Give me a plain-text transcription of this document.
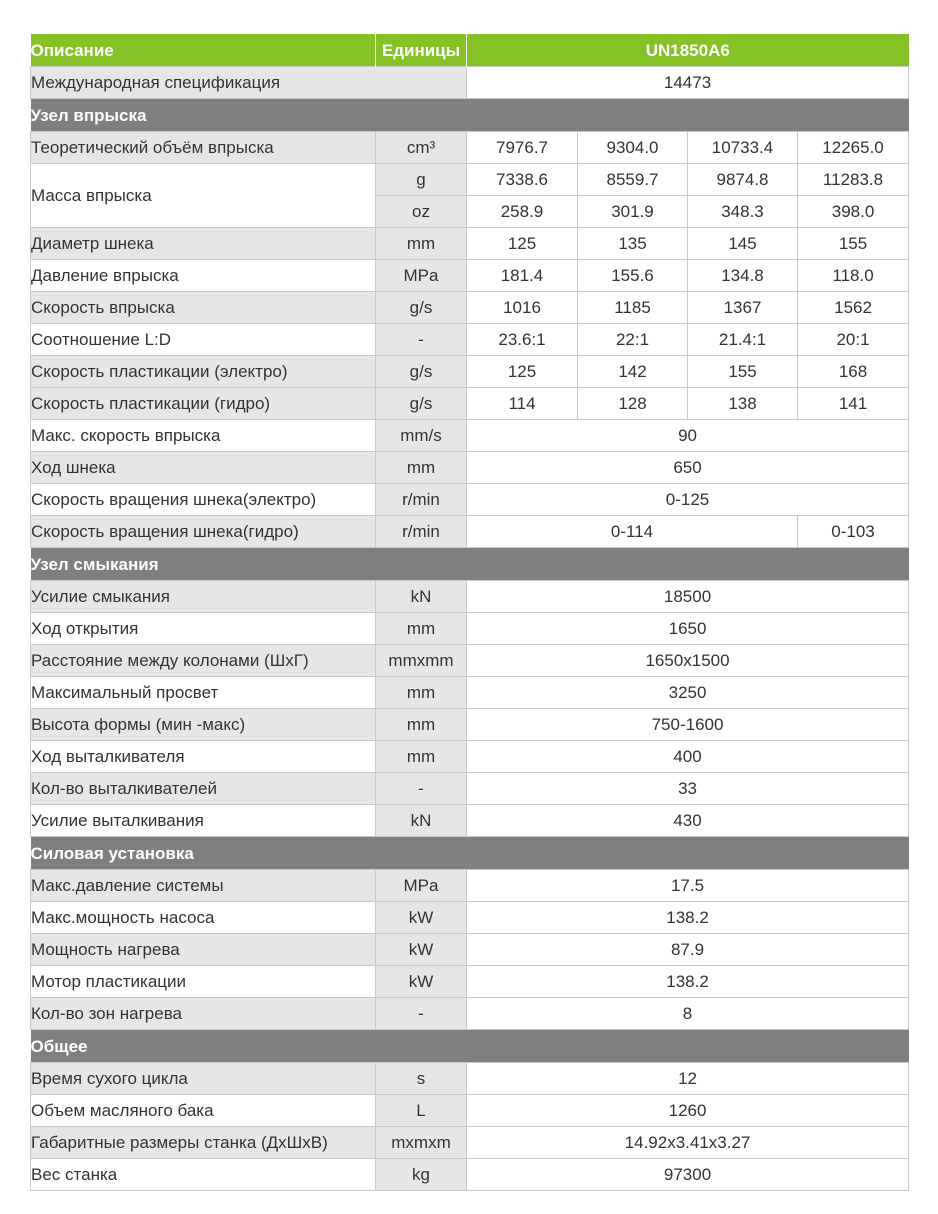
Описание	Единицы	UN1850A6			
Международная спецификация		14473			
Узел впрыска					
Теоретический объём впрыска	cm³	7976.7	9304.0	10733.4	12265.0
Масса впрыска	g	7338.6	8559.7	9874.8	11283.8
	oz	258.9	301.9	348.3	398.0
Диаметр шнека	mm	125	135	145	155
Давление впрыска	MPa	181.4	155.6	134.8	118.0
Скорость впрыска	g/s	1016	1185	1367	1562
Соотношение L:D	-	23.6:1	22:1	21.4:1	20:1
Скорость пластикации (электро)	g/s	125	142	155	168
Скорость пластикации (гидро)	g/s	114	128	138	141
Макс. скорость впрыска	mm/s	90			
Ход шнека	mm	650			
Скорость вращения шнека(электро)	r/min	0-125			
Скорость вращения шнека(гидро)	r/min	0-114			0-103
Узел смыкания					
Усилие смыкания	kN	18500			
Ход открытия	mm	1650			
Расстояние между колонами (ШхГ)	mmxmm	1650x1500			
Максимальный просвет	mm	3250			
Высота формы (мин -макс)	mm	750-1600			
Ход выталкивателя	mm	400			
Кол-во выталкивателей	-	33			
Усилие выталкивания	kN	430			
Силовая установка					
Макс.давление системы	MPa	17.5			
Макс.мощность насоса	kW	138.2			
Мощность нагрева	kW	87.9			
Мотор пластикации	kW	138.2			
Кол-во зон нагрева	-	8			
Общее					
Время сухого цикла	s	12			
Объем масляного бака	L	1260			
Габаритные размеры станка (ДхШхВ)	mxmxm	14.92x3.41x3.27			
Вес станка	kg	97300			
